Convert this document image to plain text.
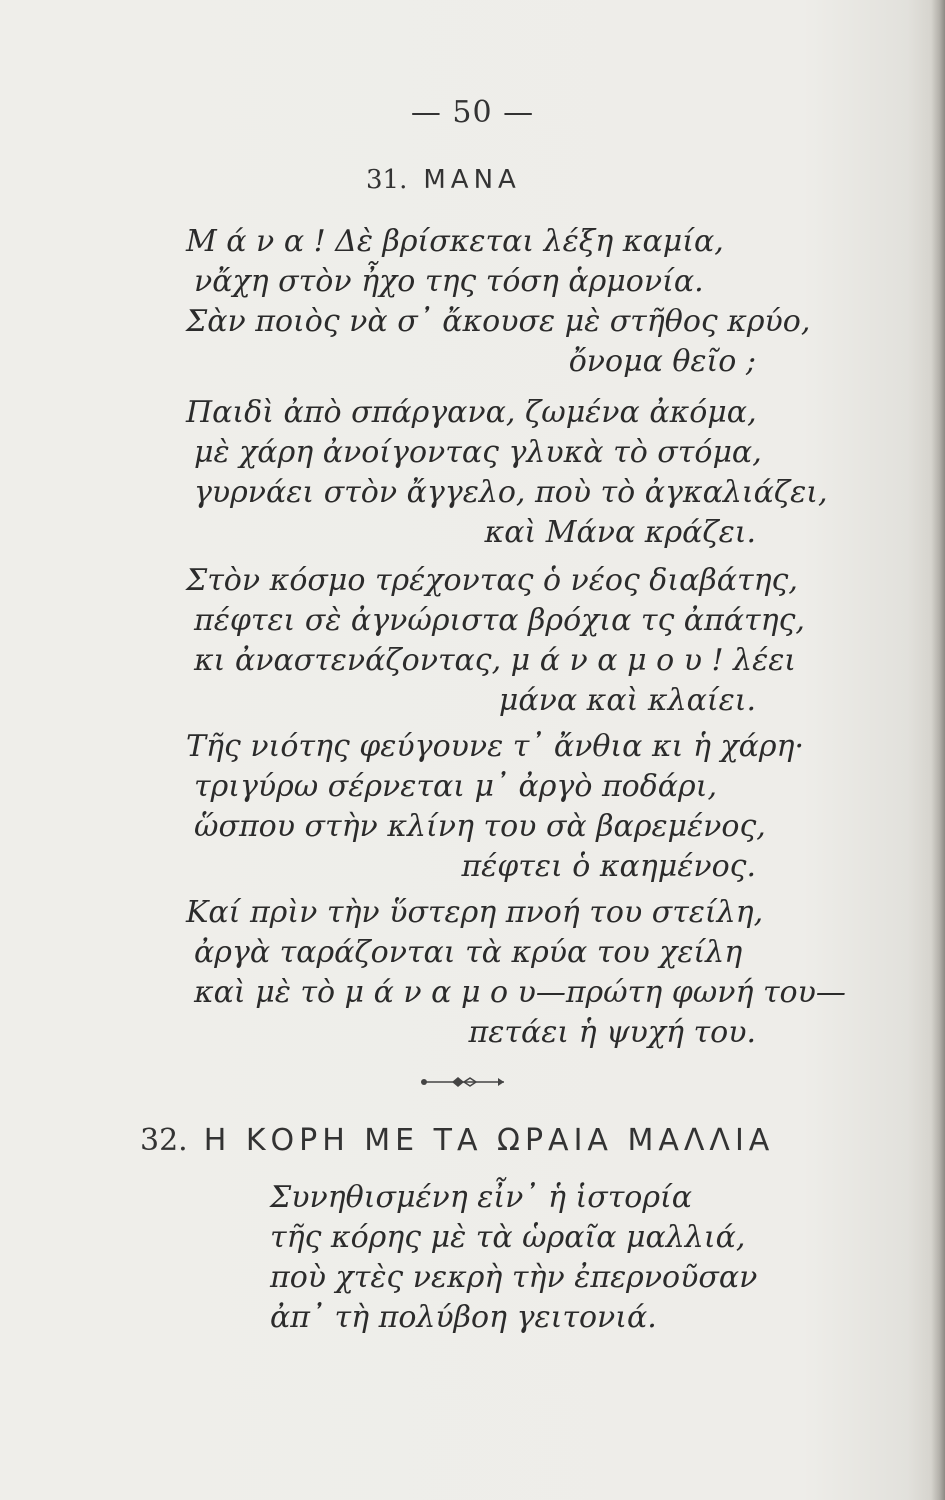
— 50 —
31. ΜΑΝΑ
Μ ά ν α ! Δὲ βρίσκεται λέξη καμία,
νἄχη στὸν ἦχο της τόση ἁρμονία.
Σὰν ποιὸς νὰ σ᾽ ἄκουσε μὲ στῆθος κρύο,
ὄνομα θεῖο ;
Παιδὶ ἀπὸ σπάργανα, ζωμένα ἀκόμα,
μὲ χάρη ἀνοίγοντας γλυκὰ τὸ στόμα,
γυρνάει στὸν ἄγγελο, ποὺ τὸ ἀγκαλιάζει,
καὶ Μάνα κράζει.
Στὸν κόσμο τρέχοντας ὁ νέος διαβάτης,
πέφτει σὲ ἀγνώριστα βρόχια τς ἀπάτης,
κι ἀναστενάζοντας, μ ά ν α μ ο υ ! λέει
μάνα καὶ κλαίει.
Τῆς νιότης φεύγουνε τ᾽ ἄνθια κι ἡ χάρη·
τριγύρω σέρνεται μ᾽ ἀργὸ ποδάρι,
ὥσπου στὴν κλίνη του σὰ βαρεμένος,
πέφτει ὁ καημένος.
Καί πρὶν τὴν ὕστερη πνοή του στείλη,
ἀργὰ ταράζονται τὰ κρύα του χείλη
καὶ μὲ τὸ μ ά ν α μ ο υ—πρώτη φωνή του—
πετάει ἡ ψυχή του.
32. Η ΚΟΡΗ ΜΕ ΤΑ ΩΡΑΙΑ ΜΑΛΛΙΑ
Συνηθισμένη εἶν᾽ ἡ ἱστορία
τῆς κόρης μὲ τὰ ὡραῖα μαλλιά,
ποὺ χτὲς νεκρὴ τὴν ἐπερνοῦσαν
ἀπ᾽ τὴ πολύβοη γειτονιά.
